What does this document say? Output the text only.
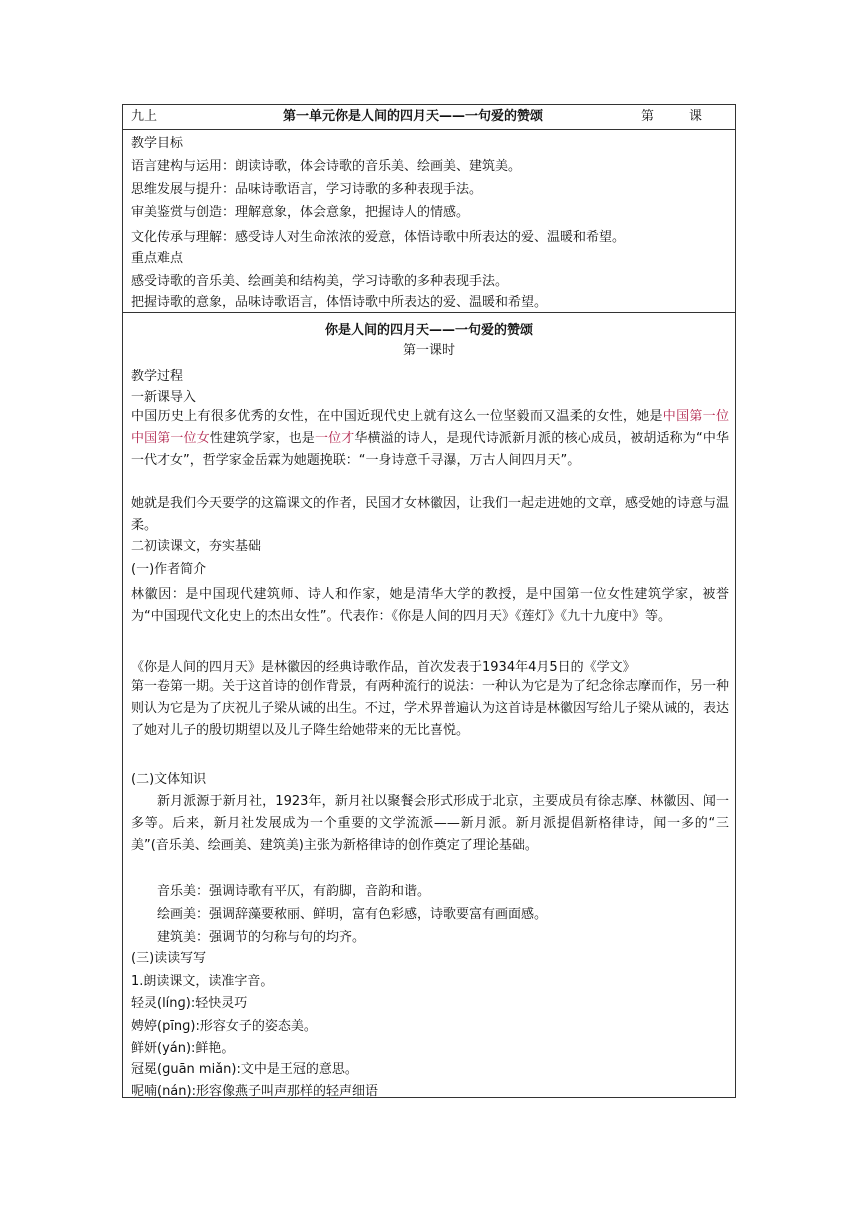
九上	第一单元你是人间的四月天——一句爱的赞颂	第	课
教学目标
语言建构与运用：朗读诗歌，体会诗歌的音乐美、绘画美、建筑美。
思维发展与提升：品味诗歌语言，学习诗歌的多种表现手法。
审美鉴赏与创造：理解意象，体会意象，把握诗人的情感。
文化传承与理解：感受诗人对生命浓浓的爱意，体悟诗歌中所表达的爱、温暖和希望。
重点难点
感受诗歌的音乐美、绘画美和结构美，学习诗歌的多种表现手法。
把握诗歌的意象，品味诗歌语言，体悟诗歌中所表达的爱、温暖和希望。
你是人间的四月天——一句爱的赞颂
第一课时
教学过程
一新课导入

中国历史上有很多优秀的女性，在中国近现代史上就有这么一位坚毅而又温柔的女性，她是中国第一位中国第一位女性建筑学家，也是一位才华横溢的诗人，是现代诗派新月派的核心成员，被胡适称为“中华一代才女”，哲学家金岳霖为她题挽联：“一身诗意千寻瀑，万古人间四月天”。

她就是我们今天要学的这篇课文的作者，民国才女林徽因，让我们一起走进她的文章，感受她的诗意与温柔。

二初读课文，夯实基础
(一)作者简介

林徽因：是中国现代建筑师、诗人和作家，她是清华大学的教授，是中国第一位女性建筑学家，被誉为“中国现代文化史上的杰出女性”。代表作：《你是人间的四月天》《莲灯》《九十九度中》等。

《你是人间的四月天》是林徽因的经典诗歌作品，首次发表于1934年4月5日的《学文》

第一卷第一期。关于这首诗的创作背景，有两种流行的说法：一种认为它是为了纪念徐志摩而作，另一种则认为它是为了庆祝儿子梁从诫的出生。不过，学术界普遍认为这首诗是林徽因写给儿子梁从诫的，表达了她对儿子的殷切期望以及儿子降生给她带来的无比喜悦。

(二)文体知识

新月派源于新月社，1923年，新月社以聚餐会形式形成于北京，主要成员有徐志摩、林徽因、闻一多等。后来，新月社发展成为一个重要的文学流派——新月派。新月派提倡新格律诗，闻一多的“三美”(音乐美、绘画美、建筑美)主张为新格律诗的创作奠定了理论基础。

音乐美：强调诗歌有平仄，有韵脚，音韵和谐。
绘画美：强调辞藻要秾丽、鲜明，富有色彩感，诗歌要富有画面感。
建筑美：强调节的匀称与句的均齐。
(三)读读写写
1.朗读课文，读准字音。
轻灵(línɡ):轻快灵巧
娉婷(pīnɡ):形容女子的姿态美。
鲜妍(yán):鲜艳。
冠冕(ɡuān miǎn):文中是王冠的意思。
呢喃(nán):形容像燕子叫声那样的轻声细语
